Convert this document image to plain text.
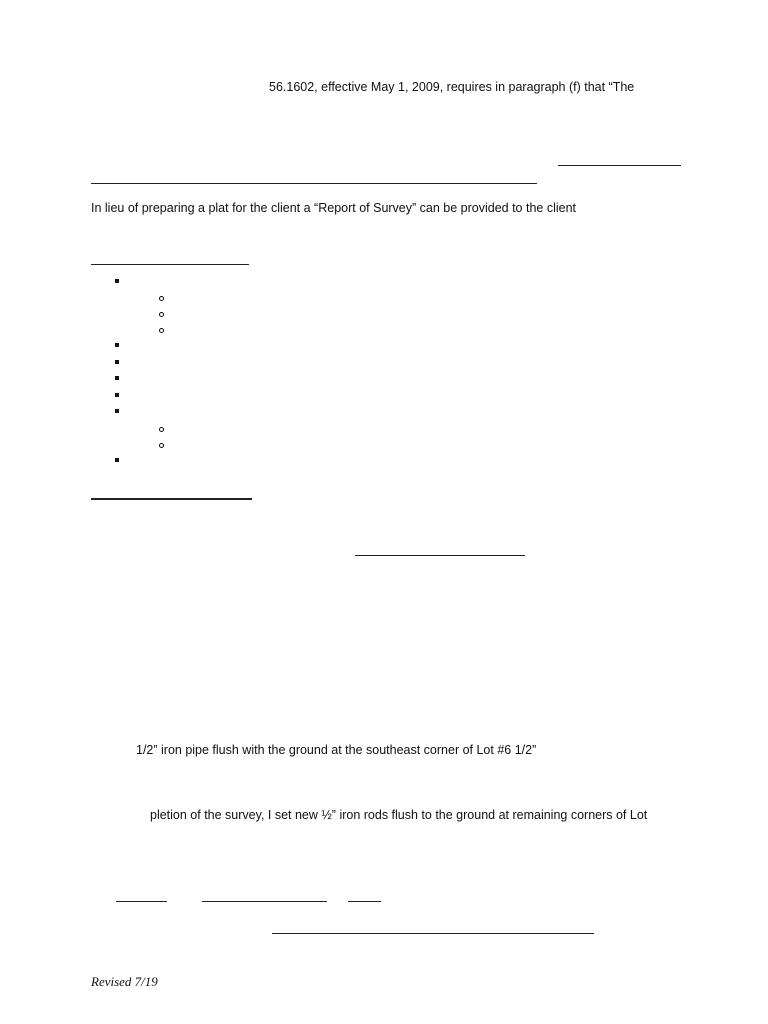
56.1602, effective May 1, 2009, requires in paragraph (f) that “The
In lieu of preparing a plat for the client a “Report of Survey” can be provided to the client
1/2” iron pipe flush with the ground at the southeast corner of Lot #6 1/2”
pletion of the survey, I set new ½” iron rods flush to the ground at remaining corners of Lot
Revised 7/19
